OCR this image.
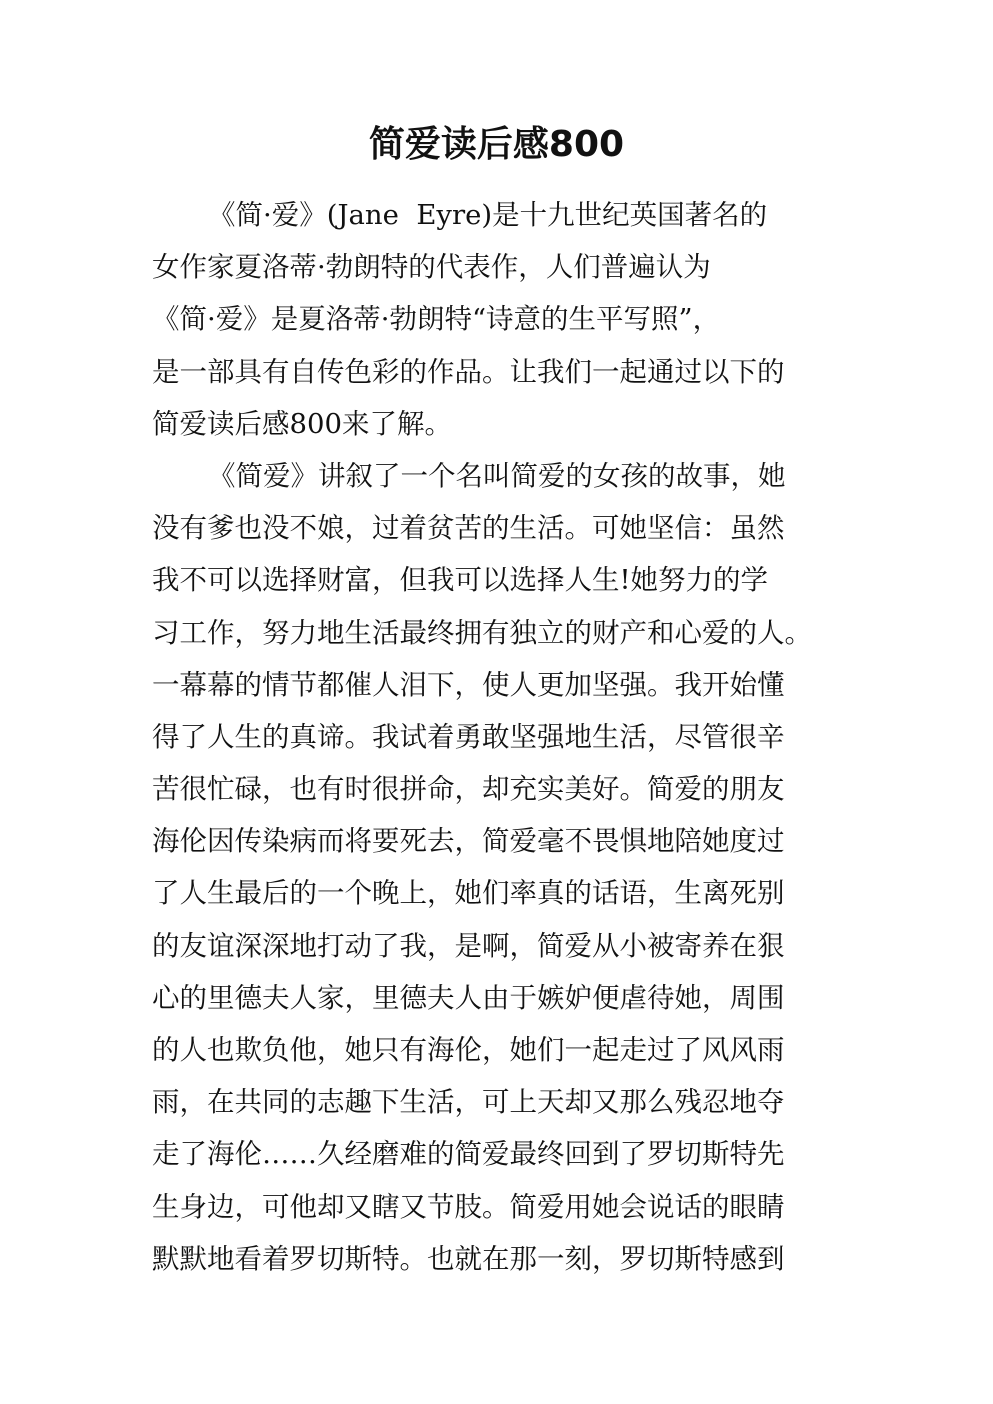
简爱读后感800
《简·爱》(Jane  Eyre)是十九世纪英国著名的
女作家夏洛蒂·勃朗特的代表作，人们普遍认为
《简·爱》是夏洛蒂·勃朗特“诗意的生平写照”，
是一部具有自传色彩的作品。让我们一起通过以下的
简爱读后感800来了解。
《简爱》讲叙了一个名叫简爱的女孩的故事，她
没有爹也没不娘，过着贫苦的生活。可她坚信：虽然
我不可以选择财富，但我可以选择人生!她努力的学
习工作，努力地生活最终拥有独立的财产和心爱的人。
一幕幕的情节都催人泪下，使人更加坚强。我开始懂
得了人生的真谛。我试着勇敢坚强地生活，尽管很辛
苦很忙碌，也有时很拼命，却充实美好。简爱的朋友
海伦因传染病而将要死去，简爱毫不畏惧地陪她度过
了人生最后的一个晚上，她们率真的话语，生离死别
的友谊深深地打动了我，是啊，简爱从小被寄养在狠
心的里德夫人家，里德夫人由于嫉妒便虐待她，周围
的人也欺负他，她只有海伦，她们一起走过了风风雨
雨，在共同的志趣下生活，可上天却又那么残忍地夺
走了海伦……久经磨难的简爱最终回到了罗切斯特先
生身边，可他却又瞎又节肢。简爱用她会说话的眼睛
默默地看着罗切斯特。也就在那一刻，罗切斯特感到
